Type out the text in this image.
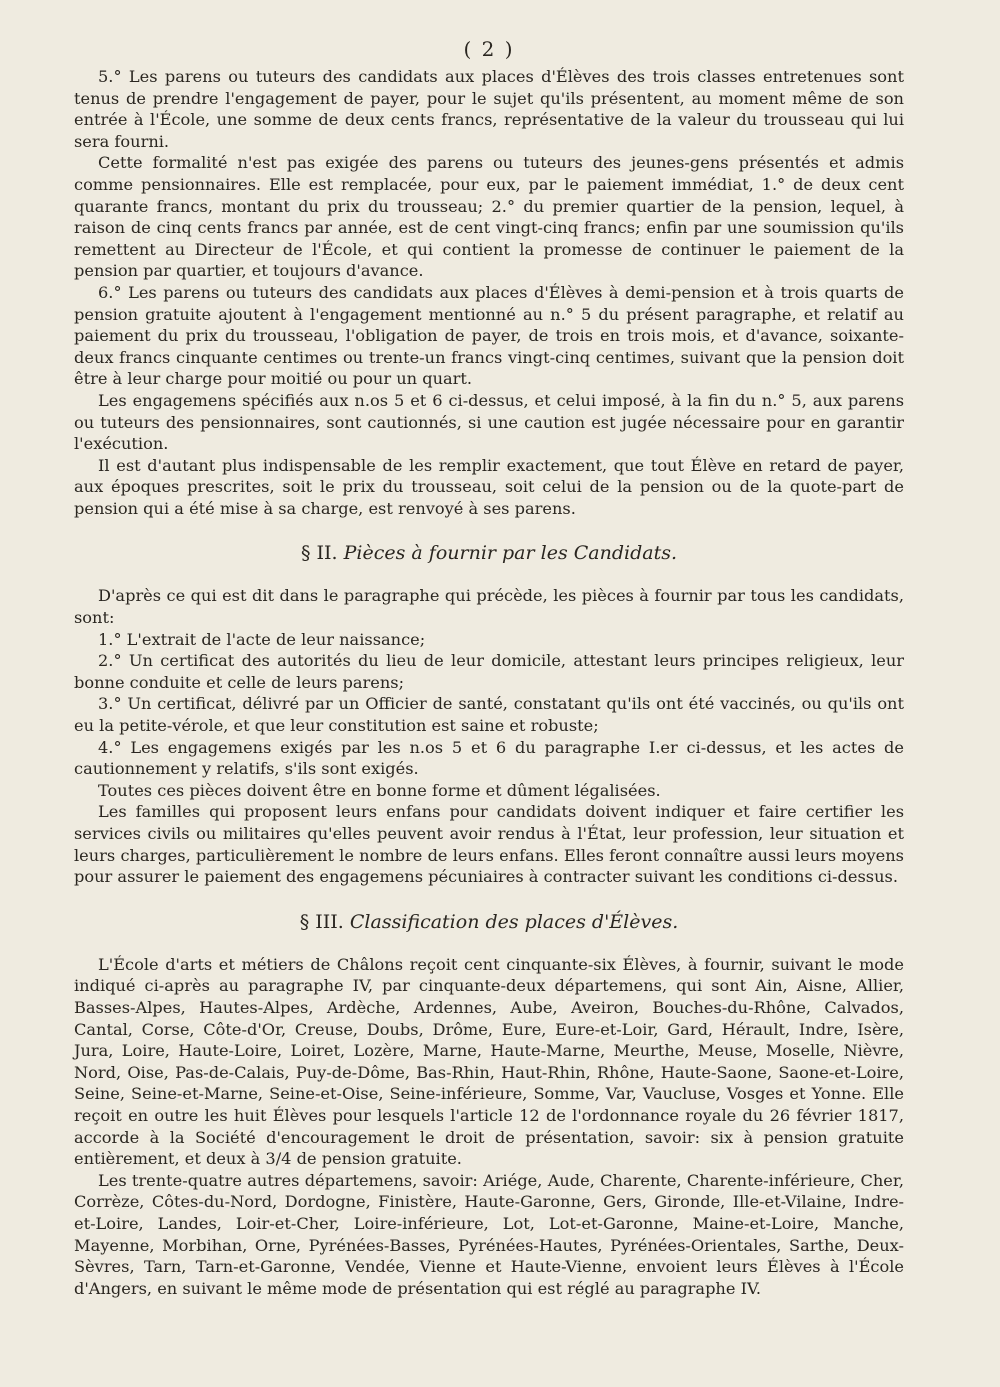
( 2 )

5.° Les parens ou tuteurs des candidats aux places d'Élèves des trois classes entretenues sont tenus de prendre l'engagement de payer, pour le sujet qu'ils présentent, au moment même de son entrée à l'École, une somme de deux cents francs, représentative de la valeur du trousseau qui lui sera fourni.

Cette formalité n'est pas exigée des parens ou tuteurs des jeunes-gens présentés et admis comme pensionnaires. Elle est remplacée, pour eux, par le paiement immédiat, 1.° de deux cent quarante francs, montant du prix du trousseau; 2.° du premier quartier de la pension, lequel, à raison de cinq cents francs par année, est de cent vingt-cinq francs; enfin par une soumission qu'ils remettent au Directeur de l'École, et qui contient la promesse de continuer le paiement de la pension par quartier, et toujours d'avance.

6.° Les parens ou tuteurs des candidats aux places d'Élèves à demi-pension et à trois quarts de pension gratuite ajoutent à l'engagement mentionné au n.° 5 du présent paragraphe, et relatif au paiement du prix du trousseau, l'obligation de payer, de trois en trois mois, et d'avance, soixante-deux francs cinquante centimes ou trente-un francs vingt-cinq centimes, suivant que la pension doit être à leur charge pour moitié ou pour un quart.

Les engagemens spécifiés aux n.os 5 et 6 ci-dessus, et celui imposé, à la fin du n.° 5, aux parens ou tuteurs des pensionnaires, sont cautionnés, si une caution est jugée nécessaire pour en garantir l'exécution.

Il est d'autant plus indispensable de les remplir exactement, que tout Élève en retard de payer, aux époques prescrites, soit le prix du trousseau, soit celui de la pension ou de la quote-part de pension qui a été mise à sa charge, est renvoyé à ses parens.

§ II. Pièces à fournir par les Candidats.

D'après ce qui est dit dans le paragraphe qui précède, les pièces à fournir par tous les candidats, sont:

1.° L'extrait de l'acte de leur naissance;

2.° Un certificat des autorités du lieu de leur domicile, attestant leurs principes religieux, leur bonne conduite et celle de leurs parens;

3.° Un certificat, délivré par un Officier de santé, constatant qu'ils ont été vaccinés, ou qu'ils ont eu la petite-vérole, et que leur constitution est saine et robuste;

4.° Les engagemens exigés par les n.os 5 et 6 du paragraphe I.er ci-dessus, et les actes de cautionnement y relatifs, s'ils sont exigés.

Toutes ces pièces doivent être en bonne forme et dûment légalisées.

Les familles qui proposent leurs enfans pour candidats doivent indiquer et faire certifier les services civils ou militaires qu'elles peuvent avoir rendus à l'État, leur profession, leur situation et leurs charges, particulièrement le nombre de leurs enfans. Elles feront connaître aussi leurs moyens pour assurer le paiement des engagemens pécuniaires à contracter suivant les conditions ci-dessus.

§ III. Classification des places d'Élèves.

L'École d'arts et métiers de Châlons reçoit cent cinquante-six Élèves, à fournir, suivant le mode indiqué ci-après au paragraphe IV, par cinquante-deux départemens, qui sont Ain, Aisne, Allier, Basses-Alpes, Hautes-Alpes, Ardèche, Ardennes, Aube, Aveiron, Bouches-du-Rhône, Calvados, Cantal, Corse, Côte-d'Or, Creuse, Doubs, Drôme, Eure, Eure-et-Loir, Gard, Hérault, Indre, Isère, Jura, Loire, Haute-Loire, Loiret, Lozère, Marne, Haute-Marne, Meurthe, Meuse, Moselle, Nièvre, Nord, Oise, Pas-de-Calais, Puy-de-Dôme, Bas-Rhin, Haut-Rhin, Rhône, Haute-Saone, Saone-et-Loire, Seine, Seine-et-Marne, Seine-et-Oise, Seine-inférieure, Somme, Var, Vaucluse, Vosges et Yonne. Elle reçoit en outre les huit Élèves pour lesquels l'article 12 de l'ordonnance royale du 26 février 1817, accorde à la Société d'encouragement le droit de présentation, savoir: six à pension gratuite entièrement, et deux à 3/4 de pension gratuite.

Les trente-quatre autres départemens, savoir: Ariége, Aude, Charente, Charente-inférieure, Cher, Corrèze, Côtes-du-Nord, Dordogne, Finistère, Haute-Garonne, Gers, Gironde, Ille-et-Vilaine, Indre-et-Loire, Landes, Loir-et-Cher, Loire-inférieure, Lot, Lot-et-Garonne, Maine-et-Loire, Manche, Mayenne, Morbihan, Orne, Pyrénées-Basses, Pyrénées-Hautes, Pyrénées-Orientales, Sarthe, Deux-Sèvres, Tarn, Tarn-et-Garonne, Vendée, Vienne et Haute-Vienne, envoient leurs Élèves à l'École d'Angers, en suivant le même mode de présentation qui est réglé au paragraphe IV.
